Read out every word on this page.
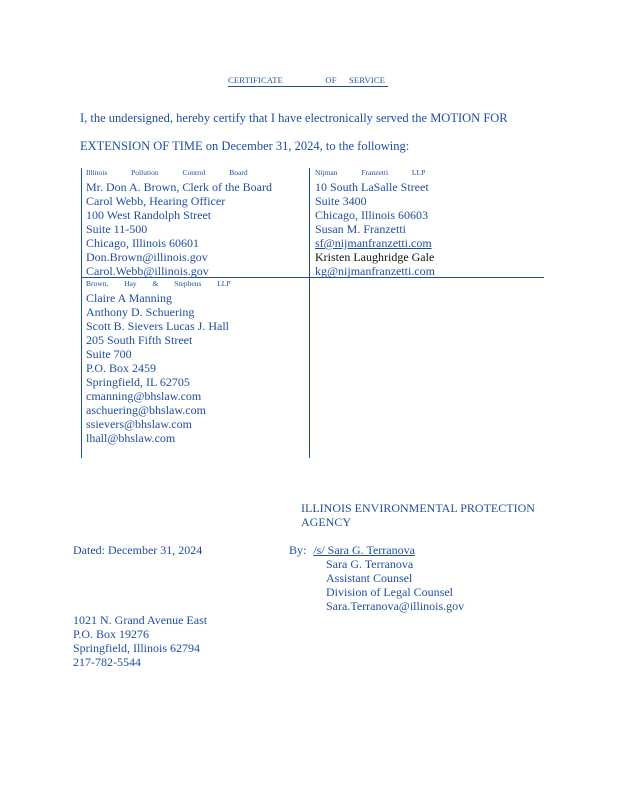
CERTIFICATE	OF SERVICE
I, the undersigned, hereby certify that I have electronically served the MOTION FOR
EXTENSION OF TIME on December 31, 2024, to the following:
Illinois Pollution Control Board
Mr. Don A. Brown, Clerk of the Board
Carol Webb, Hearing Officer
100 West Randolph Street
Suite 11-500
Chicago, Illinois 60601
Don.Brown@illinois.gov
Carol.Webb@illinois.gov
Nijman Franzetti LLP
10 South LaSalle Street
Suite 3400
Chicago, Illinois 60603
Susan M. Franzetti
sf@nijmanfranzetti.com
Kristen Laughridge Gale
kg@nijmanfranzetti.com
Brown, Hay & Stephens LLP
Claire A Manning
Anthony D. Schuering
Scott B. Sievers Lucas J. Hall
205 South Fifth Street
Suite 700
P.O. Box 2459
Springfield, IL 62705
cmanning@bhslaw.com
aschuering@bhslaw.com
ssievers@bhslaw.com
lhall@bhslaw.com
ILLINOIS ENVIRONMENTAL PROTECTION
AGENCY
Dated: December 31, 2024	By: /s/ Sara G. Terranova
Sara G. Terranova
Assistant Counsel
Division of Legal Counsel
Sara.Terranova@illinois.gov
1021 N. Grand Avenue East
P.O. Box 19276
Springfield, Illinois 62794
217-782-5544
